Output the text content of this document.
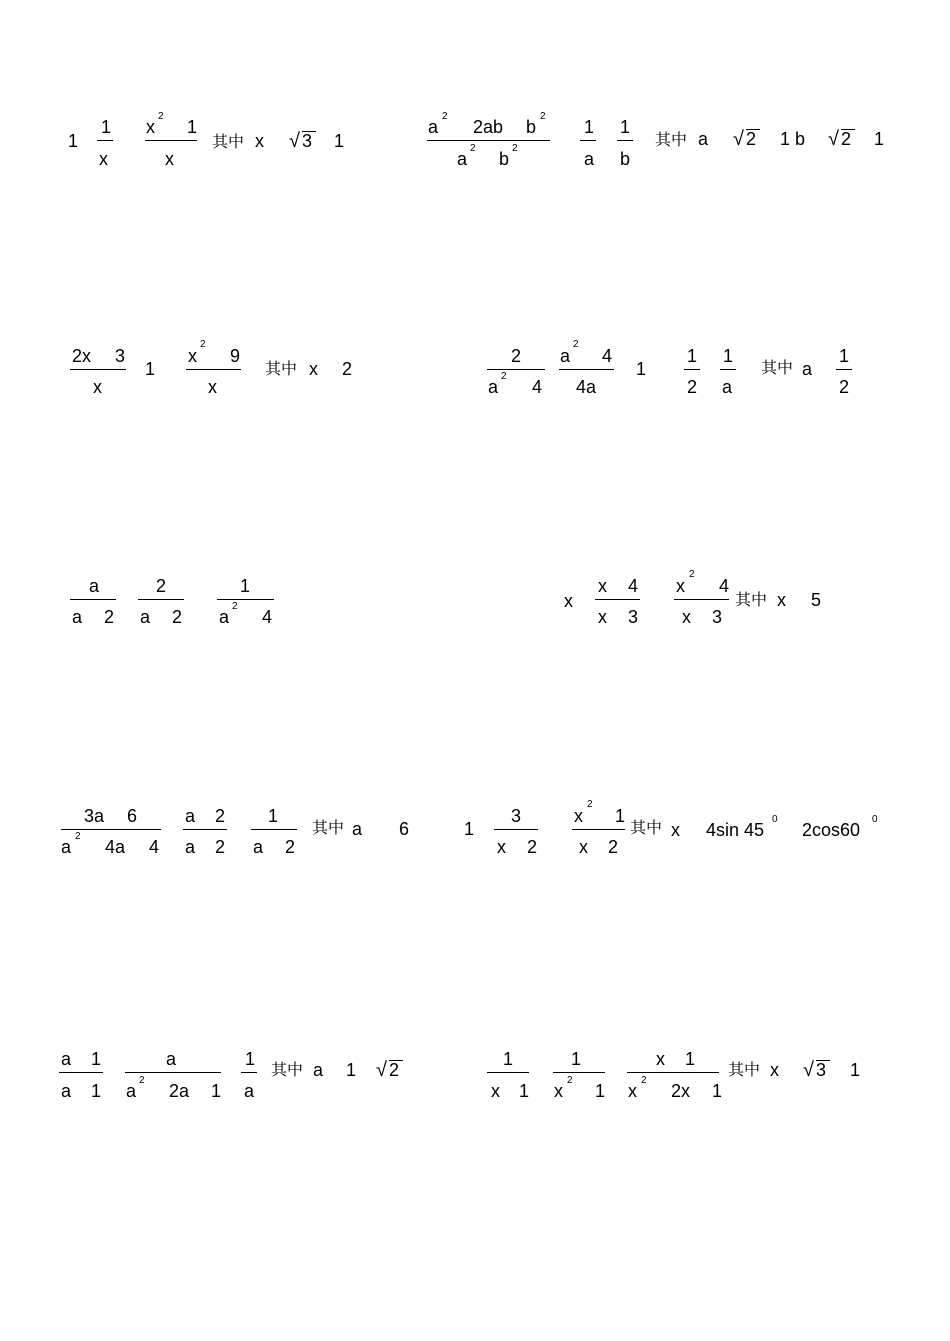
1
1
x
x
2
1
x
其中 x √ 3 1
a
2
2ab b
2
a
2
b
2
1
a
1
b
其中 a √ 2 1 b √ 2 1
2x 3
x
1
x
2
9
x
其中 x 2
2
a
2
4
a
2
4
4a
1
1
2
1
a
其中 a
1
2
a
a 2
2
a 2
1
a
2
4
x
x 4
x 3
x
2
4
x 3
其中 x 5
3a 6
a
2
4a 4
a 2
a 2
1
a 2
其中 a 6	1
3
x 2
x
2
1
x 2
其中 x 4sin 45
0
2cos60
0
a 1
a 1
a
a
2
2a 1
1
a
其中 a 1 √ 2
1
x 1
1
x
2
1
x 1
x
2
2x 1
其中 x √ 3 1
